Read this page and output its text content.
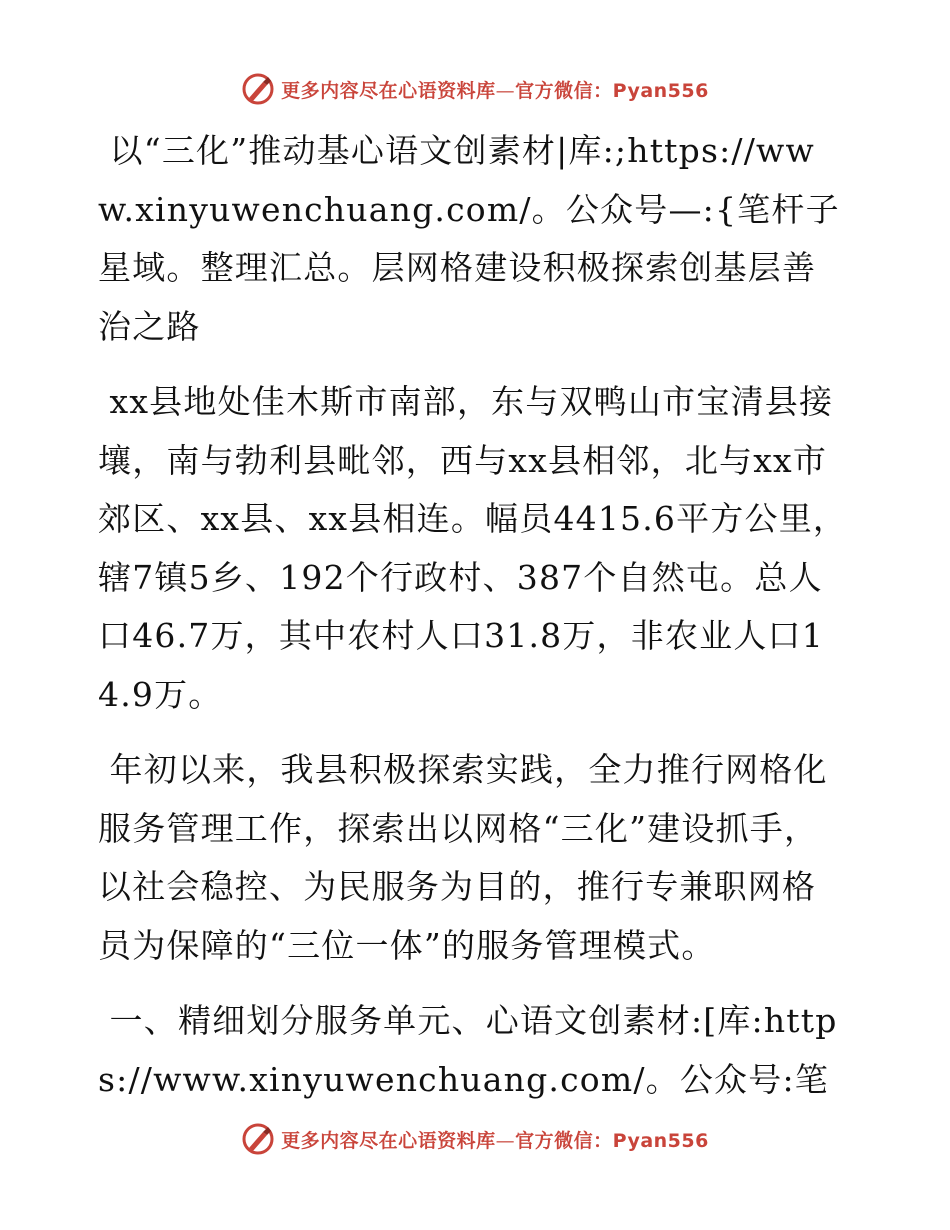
更多内容尽在心语资料库—官方微信：Pyan556

以“三化”推动基心语文创素材|库:;https://www.xinyuwenchuang.com/。公众号—:{笔杆子星域。整理汇总。层网格建设积极探索创基层善治之路

xx县地处佳木斯市南部，东与双鸭山市宝清县接壤，南与勃利县毗邻，西与xx县相邻，北与xx市郊区、xx县、xx县相连。幅员4415.6平方公里，辖7镇5乡、192个行政村、387个自然屯。总人口46.7万，其中农村人口31.8万，非农业人口14.9万。

年初以来，我县积极探索实践，全力推行网格化服务管理工作，探索出以网格“三化”建设抓手，以社会稳控、为民服务为目的，推行专兼职网格员为保障的“三位一体”的服务管理模式。

一、精细划分服务单元、心语文创素材:[库:https://www.xinyuwenchuang.com/。公众号:笔

更多内容尽在心语资料库—官方微信：Pyan556
